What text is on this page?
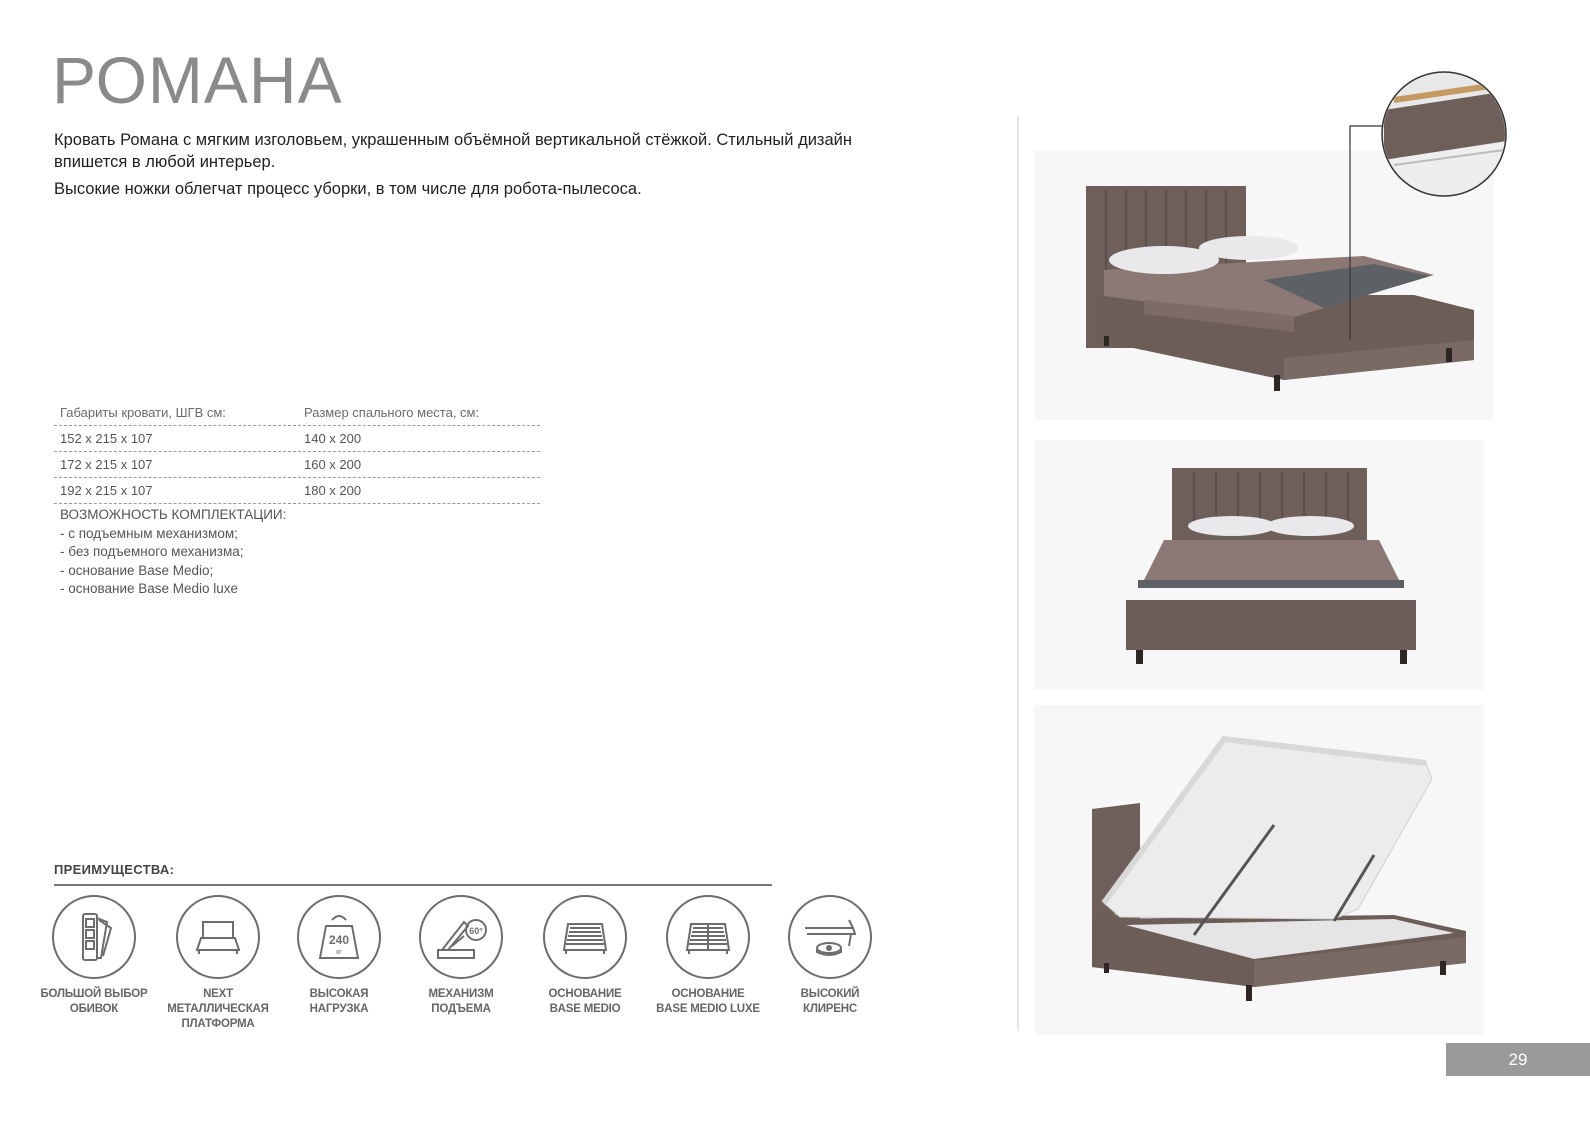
РОМАНА

Кровать Романа с мягким изголовьем, украшенным объёмной вертикальной стёжкой. Стильный дизайн впишется в любой интерьер.

Высокие ножки облегчат процесс уборки, в том числе для робота-пылесоса.

Габариты кровати, ШГВ см:	Размер спального места, см:
152 х 215 х 107	140 х 200
172 х 215 х 107	160 х 200
192 х 215 х 107	180 х 200
ВОЗМОЖНОСТЬ КОМПЛЕКТАЦИИ:
- с подъемным механизмом;
- без подъемного механизма;
- основание Base Medio;
- основание Base Medio luxe
ПРЕИМУЩЕСТВА:
БОЛЬШОЙ ВЫБОР
ОБИВОК
NEXT
МЕТАЛЛИЧЕСКАЯ
ПЛАТФОРМА
240
кг
ВЫСОКАЯ
НАГРУЗКА
60°
МЕХАНИЗМ
ПОДЪЕМА
ОСНОВАНИЕ
BASE MEDIO
ОСНОВАНИЕ
BASE MEDIO LUXE
ВЫСОКИЙ
КЛИРЕНС
29
